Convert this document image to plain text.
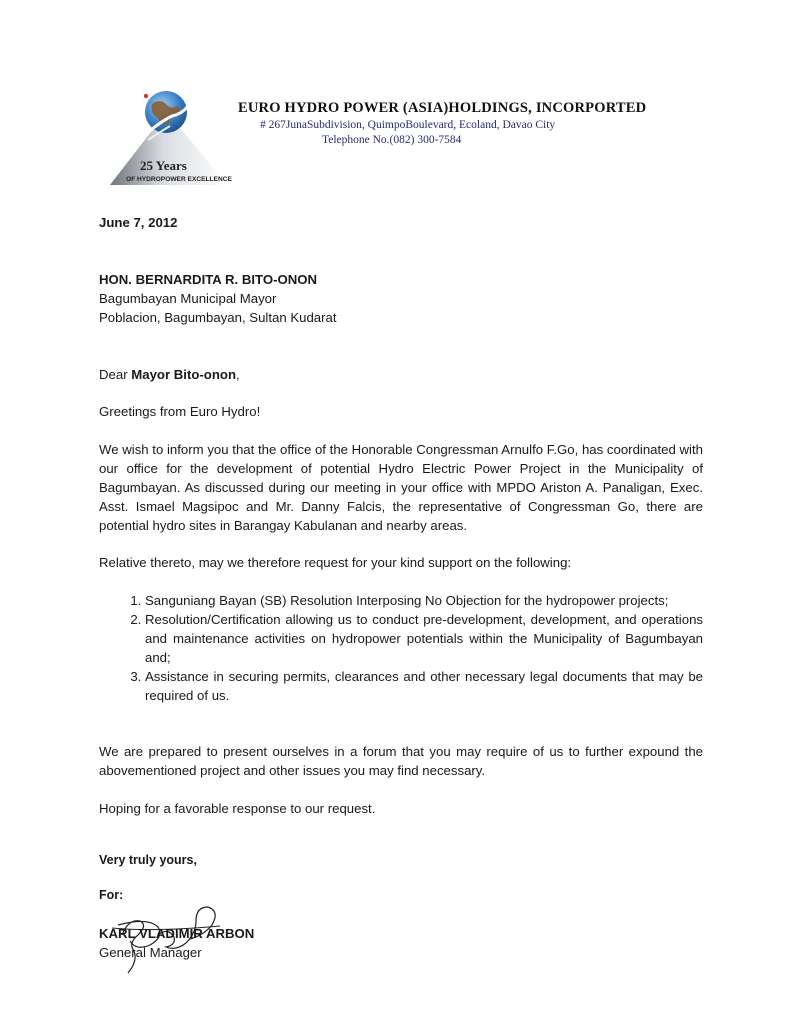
25 Years
OF HYDROPOWER EXCELLENCE
EURO HYDRO POWER (ASIA)HOLDINGS, INCORPORTED
# 267JunaSubdivision, QuimpoBoulevard, Ecoland, Davao City
Telephone No.(082) 300-7584
June 7, 2012
HON. BERNARDITA R. BITO-ONON
Bagumbayan Municipal Mayor
Poblacion, Bagumbayan, Sultan Kudarat
Dear Mayor Bito-onon,
Greetings from Euro Hydro!
We wish to inform you that the office of the Honorable Congressman Arnulfo F.Go, has coordinated with our office for the development of potential Hydro Electric Power Project in the Municipality of Bagumbayan. As discussed during our meeting in your office with MPDO Ariston A. Panaligan, Exec. Asst. Ismael Magsipoc and Mr. Danny Falcis, the representative of Congressman Go, there are potential hydro sites in Barangay Kabulanan and nearby areas.
Relative thereto, may we therefore request for your kind support on the following:
1. Sanguniang Bayan (SB) Resolution Interposing No Objection for the hydropower projects;
2. Resolution/Certification allowing us to conduct pre-development, development, and operations and maintenance activities on hydropower potentials within the Municipality of Bagumbayan and;
3. Assistance in securing permits, clearances and other necessary legal documents that may be required of us.
We are prepared to present ourselves in a forum that you may require of us to further expound the abovementioned project and other issues you may find necessary.
Hoping for a favorable response to our request.
Very truly yours,
For:
KARL VLADIMIR ARBON
General Manager
